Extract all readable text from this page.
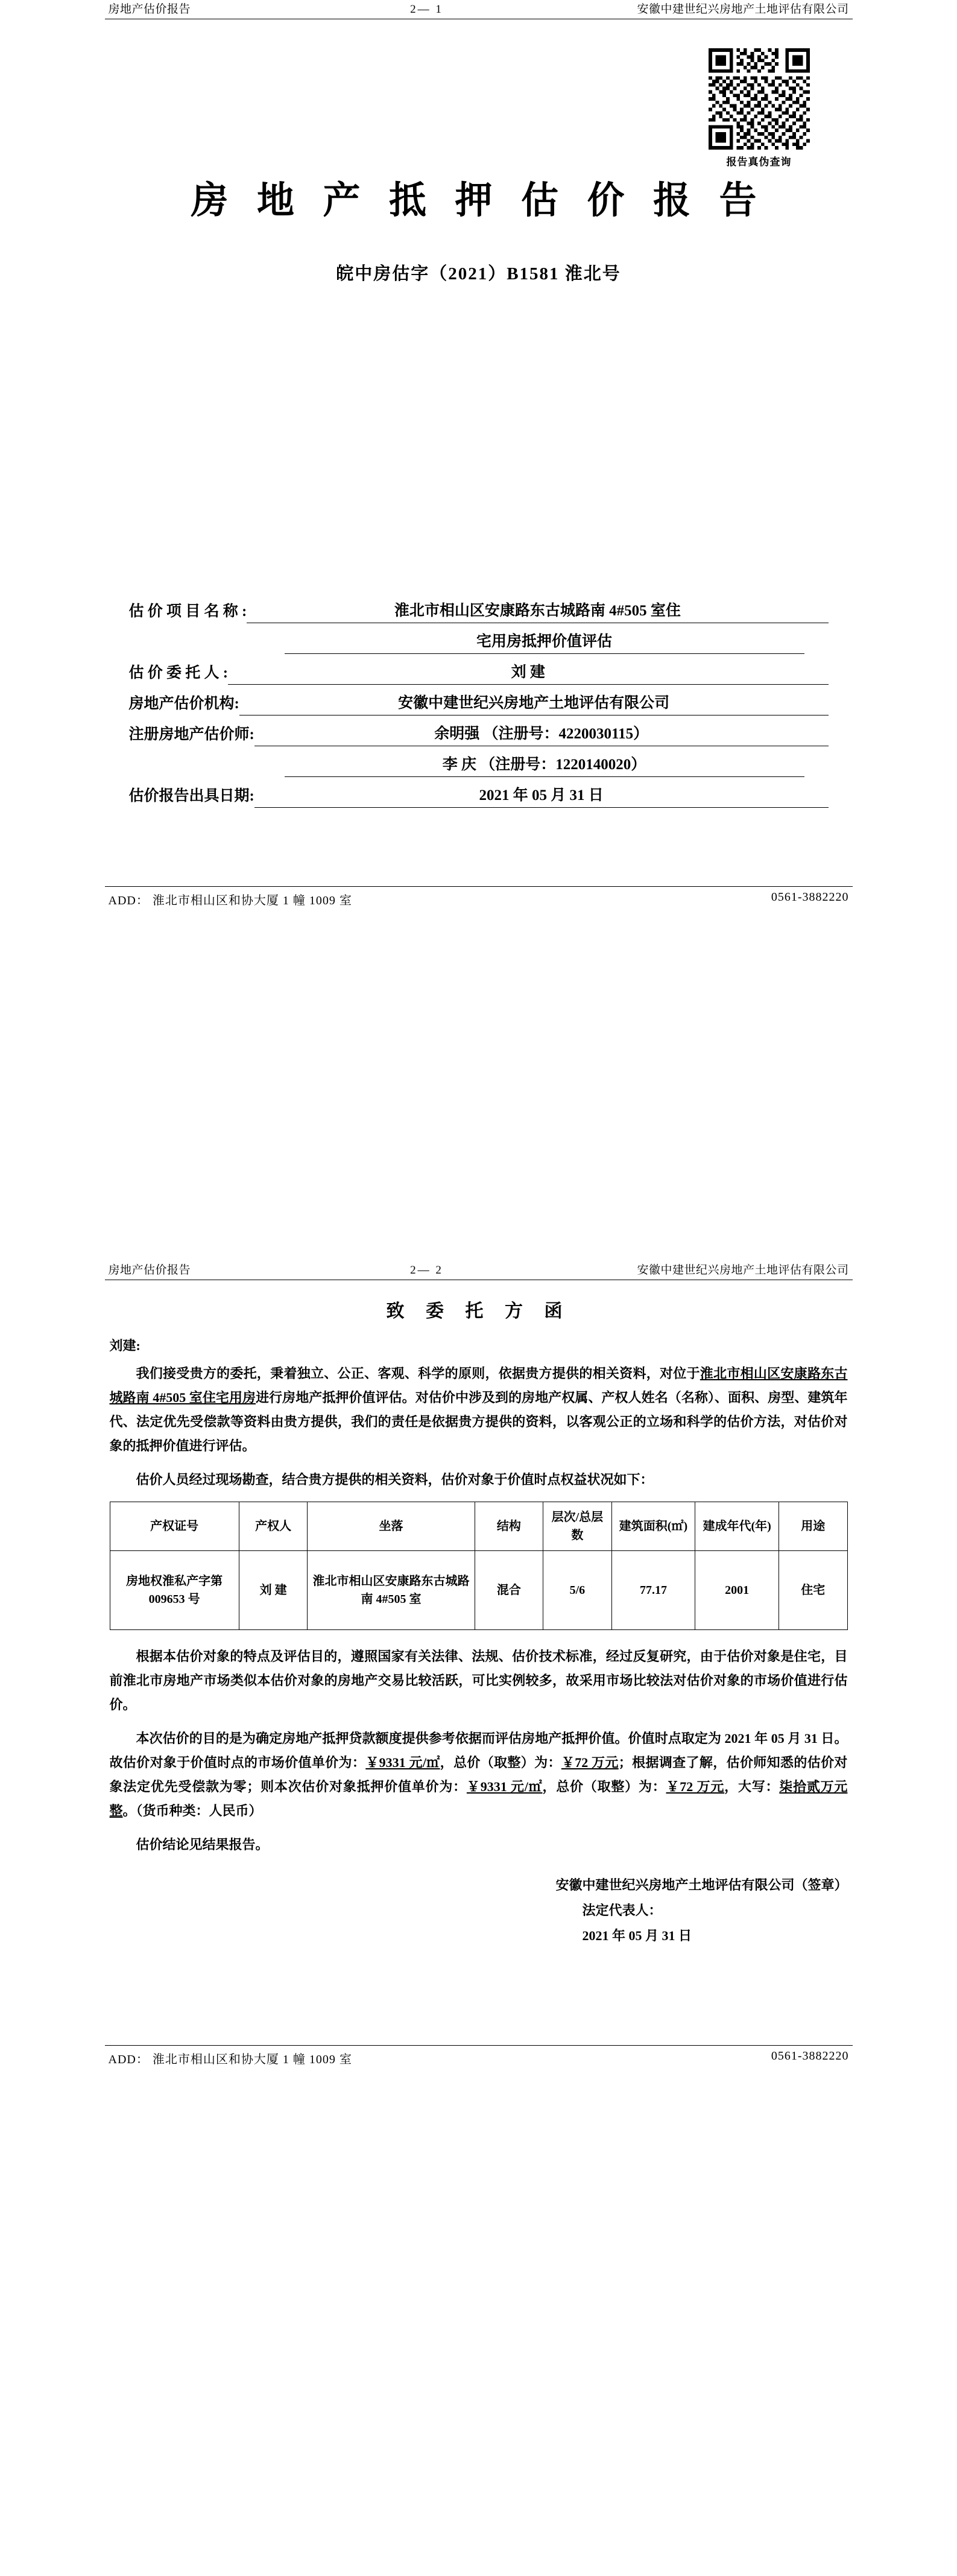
房地产估价报告	2— 1	安徽中建世纪兴房地产土地评估有限公司
报告真伪查询
房 地 产 抵 押 估 价 报 告
皖中房估字（2021）B1581 淮北号
估 价 项 目 名 称 :	淮北市相山区安康路东古城路南 4#505 室住
宅用房抵押价值评估
估 价 委 托 人 :	刘 建
房地产估价机构:	安徽中建世纪兴房地产土地评估有限公司
注册房地产估价师:	余明强 （注册号：4220030115）
李 庆 （注册号：1220140020）
估价报告出具日期:	2021 年 05 月 31 日
ADD： 淮北市相山区和协大厦 1 幢 1009 室	0561-3882220
房地产估价报告	2— 2	安徽中建世纪兴房地产土地评估有限公司
致 委 托 方 函
刘建:

我们接受贵方的委托，秉着独立、公正、客观、科学的原则，依据贵方提供的相关资料，对位于淮北市相山区安康路东古城路南 4#505 室住宅用房进行房地产抵押价值评估。对估价中涉及到的房地产权属、产权人姓名（名称）、面积、房型、建筑年代、法定优先受偿款等资料由贵方提供，我们的责任是依据贵方提供的资料，以客观公正的立场和科学的估价方法，对估价对象的抵押价值进行评估。

估价人员经过现场勘查，结合贵方提供的相关资料，估价对象于价值时点权益状况如下：

产权证号	产权人	坐落	结构	层次/总层数	建筑面积(㎡)	建成年代(年)	用途
房地权淮私产字第 009653 号	刘 建	淮北市相山区安康路东古城路南 4#505 室	混合	5/6	77.17	2001	住宅

根据本估价对象的特点及评估目的，遵照国家有关法律、法规、估价技术标准，经过反复研究，由于估价对象是住宅，目前淮北市房地产市场类似本估价对象的房地产交易比较活跃，可比实例较多，故采用市场比较法对估价对象的市场价值进行估价。

本次估价的目的是为确定房地产抵押贷款额度提供参考依据而评估房地产抵押价值。价值时点取定为 2021 年 05 月 31 日。故估价对象于价值时点的市场价值单价为：￥9331 元/㎡，总价（取整）为：￥72 万元；根据调查了解，估价师知悉的估价对象法定优先受偿款为零；则本次估价对象抵押价值单价为：￥9331 元/㎡，总价（取整）为：￥72 万元，大写：柒拾贰万元整。（货币种类：人民币）

估价结论见结果报告。

安徽中建世纪兴房地产土地评估有限公司（签章）
法定代表人：
2021 年 05 月 31 日
ADD： 淮北市相山区和协大厦 1 幢 1009 室	0561-3882220
